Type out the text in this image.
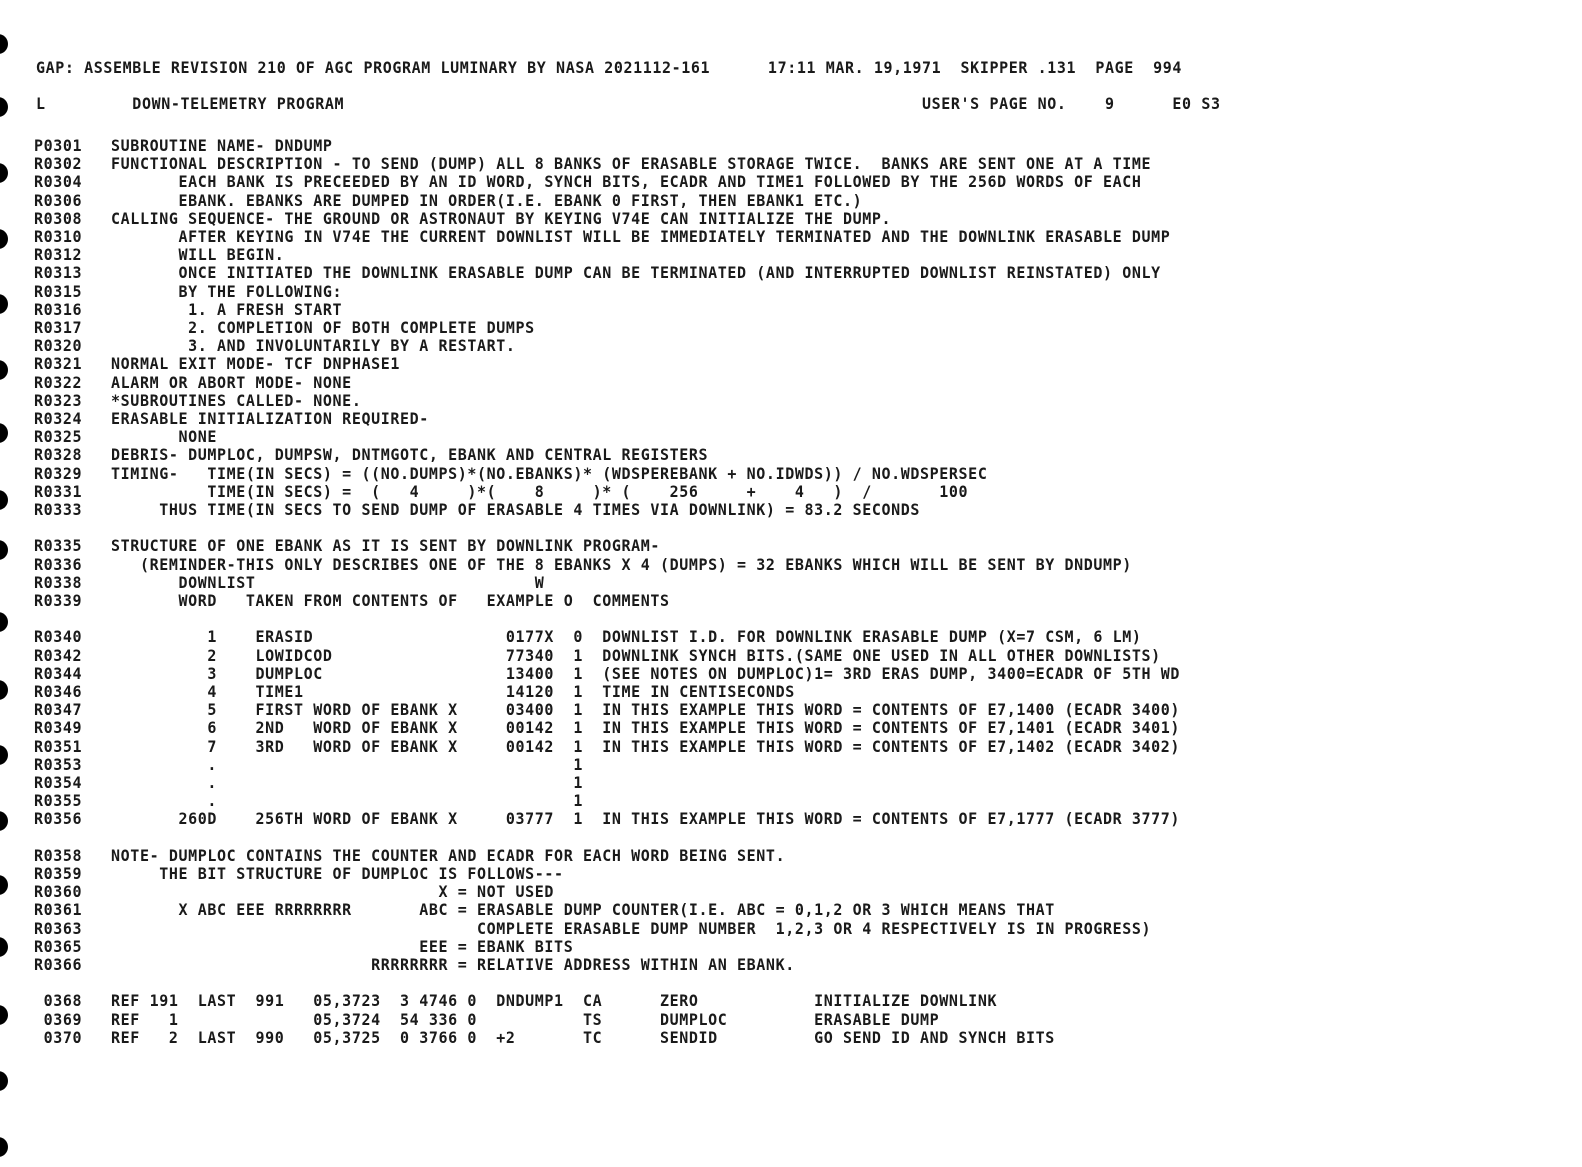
GAP: ASSEMBLE REVISION 210 OF AGC PROGRAM LUMINARY BY NASA 2021112-161      17:11 MAR. 19,1971  SKIPPER .131  PAGE  994
L         DOWN-TELEMETRY PROGRAM                                                            USER'S PAGE NO.    9      E0 S3
P0301   SUBROUTINE NAME- DNDUMP
R0302   FUNCTIONAL DESCRIPTION - TO SEND (DUMP) ALL 8 BANKS OF ERASABLE STORAGE TWICE.  BANKS ARE SENT ONE AT A TIME
R0304          EACH BANK IS PRECEEDED BY AN ID WORD, SYNCH BITS, ECADR AND TIME1 FOLLOWED BY THE 256D WORDS OF EACH
R0306          EBANK. EBANKS ARE DUMPED IN ORDER(I.E. EBANK 0 FIRST, THEN EBANK1 ETC.)
R0308   CALLING SEQUENCE- THE GROUND OR ASTRONAUT BY KEYING V74E CAN INITIALIZE THE DUMP.
R0310          AFTER KEYING IN V74E THE CURRENT DOWNLIST WILL BE IMMEDIATELY TERMINATED AND THE DOWNLINK ERASABLE DUMP
R0312          WILL BEGIN.
R0313          ONCE INITIATED THE DOWNLINK ERASABLE DUMP CAN BE TERMINATED (AND INTERRUPTED DOWNLIST REINSTATED) ONLY
R0315          BY THE FOLLOWING:
R0316           1. A FRESH START
R0317           2. COMPLETION OF BOTH COMPLETE DUMPS
R0320           3. AND INVOLUNTARILY BY A RESTART.
R0321   NORMAL EXIT MODE- TCF DNPHASE1
R0322   ALARM OR ABORT MODE- NONE
R0323   *SUBROUTINES CALLED- NONE.
R0324   ERASABLE INITIALIZATION REQUIRED-
R0325          NONE
R0328   DEBRIS- DUMPLOC, DUMPSW, DNTMGOTC, EBANK AND CENTRAL REGISTERS
R0329   TIMING-   TIME(IN SECS) = ((NO.DUMPS)*(NO.EBANKS)* (WDSPEREBANK + NO.IDWDS)) / NO.WDSPERSEC
R0331             TIME(IN SECS) =  (   4     )*(    8     )* (    256     +    4   )  /       100
R0333        THUS TIME(IN SECS TO SEND DUMP OF ERASABLE 4 TIMES VIA DOWNLINK) = 83.2 SECONDS
R0335   STRUCTURE OF ONE EBANK AS IT IS SENT BY DOWNLINK PROGRAM-
R0336      (REMINDER-THIS ONLY DESCRIBES ONE OF THE 8 EBANKS X 4 (DUMPS) = 32 EBANKS WHICH WILL BE SENT BY DNDUMP)
R0338          DOWNLIST                             W
R0339          WORD   TAKEN FROM CONTENTS OF   EXAMPLE O  COMMENTS
R0340             1    ERASID                    0177X  0  DOWNLIST I.D. FOR DOWNLINK ERASABLE DUMP (X=7 CSM, 6 LM)
R0342             2    LOWIDCOD                  77340  1  DOWNLINK SYNCH BITS.(SAME ONE USED IN ALL OTHER DOWNLISTS)
R0344             3    DUMPLOC                   13400  1  (SEE NOTES ON DUMPLOC)1= 3RD ERAS DUMP, 3400=ECADR OF 5TH WD
R0346             4    TIME1                     14120  1  TIME IN CENTISECONDS
R0347             5    FIRST WORD OF EBANK X     03400  1  IN THIS EXAMPLE THIS WORD = CONTENTS OF E7,1400 (ECADR 3400)
R0349             6    2ND   WORD OF EBANK X     00142  1  IN THIS EXAMPLE THIS WORD = CONTENTS OF E7,1401 (ECADR 3401)
R0351             7    3RD   WORD OF EBANK X     00142  1  IN THIS EXAMPLE THIS WORD = CONTENTS OF E7,1402 (ECADR 3402)
R0353             .                                     1
R0354             .                                     1
R0355             .                                     1
R0356          260D    256TH WORD OF EBANK X     03777  1  IN THIS EXAMPLE THIS WORD = CONTENTS OF E7,1777 (ECADR 3777)
R0358   NOTE- DUMPLOC CONTAINS THE COUNTER AND ECADR FOR EACH WORD BEING SENT.
R0359        THE BIT STRUCTURE OF DUMPLOC IS FOLLOWS---
R0360                                     X = NOT USED
R0361          X ABC EEE RRRRRRRR       ABC = ERASABLE DUMP COUNTER(I.E. ABC = 0,1,2 OR 3 WHICH MEANS THAT
R0363                                         COMPLETE ERASABLE DUMP NUMBER  1,2,3 OR 4 RESPECTIVELY IS IN PROGRESS)
R0365                                   EEE = EBANK BITS
R0366                              RRRRRRRR = RELATIVE ADDRESS WITHIN AN EBANK.
0368   REF 191  LAST  991   05,3723  3 4746 0  DNDUMP1  CA      ZERO            INITIALIZE DOWNLINK
0369   REF   1              05,3724  54 336 0           TS      DUMPLOC         ERASABLE DUMP
0370   REF   2  LAST  990   05,3725  0 3766 0  +2       TC      SENDID          GO SEND ID AND SYNCH BITS
